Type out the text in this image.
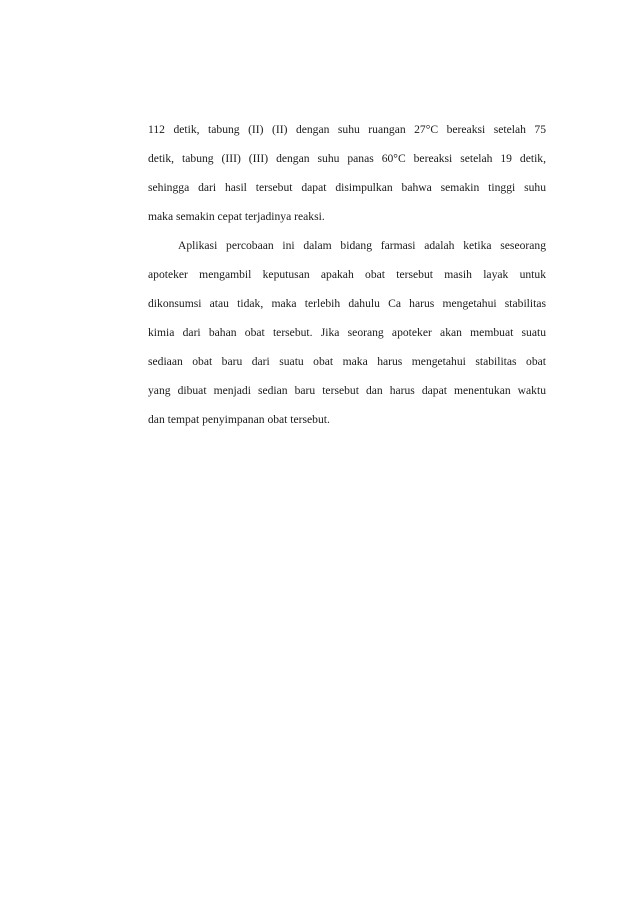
112 detik, tabung (II) (II) dengan suhu ruangan 27°C bereaksi setelah 75
detik, tabung (III) (III) dengan suhu panas 60°C bereaksi setelah 19 detik,
sehingga dari hasil tersebut dapat disimpulkan bahwa semakin tinggi suhu
maka semakin cepat terjadinya reaksi.
Aplikasi percobaan ini dalam bidang farmasi adalah ketika seseorang
apoteker mengambil keputusan apakah obat tersebut masih layak untuk
dikonsumsi atau tidak, maka terlebih dahulu Ca harus mengetahui stabilitas
kimia dari bahan obat tersebut. Jika seorang apoteker akan membuat suatu
sediaan obat baru dari suatu obat maka harus mengetahui stabilitas obat
yang dibuat menjadi sedian baru tersebut dan harus dapat menentukan waktu
dan tempat penyimpanan obat tersebut.
